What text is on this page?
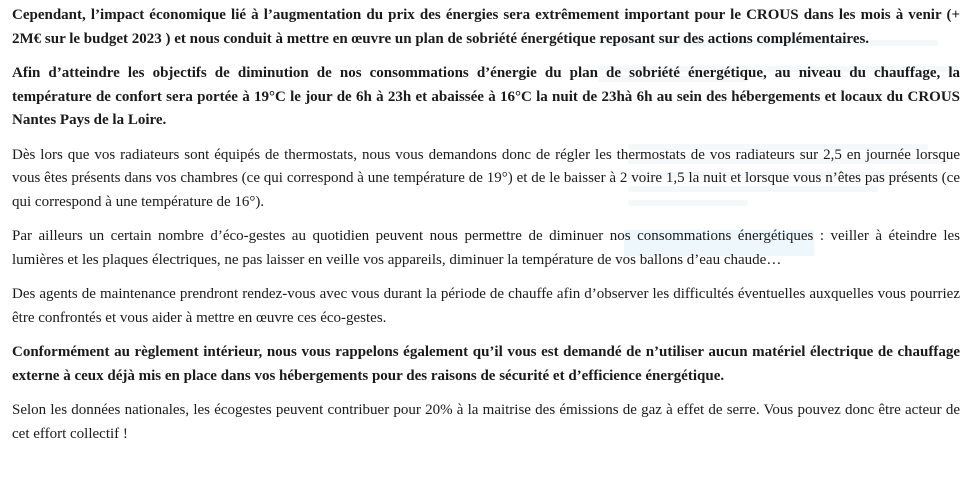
Cependant, l’impact économique lié à l’augmentation du prix des énergies sera extrêmement important pour le CROUS dans les mois à venir (+ 2M€ sur le budget 2023 ) et nous conduit à mettre en œuvre un plan de sobriété énergétique reposant sur des actions complémentaires.

Afin d’atteindre les objectifs de diminution de nos consommations d’énergie du plan de sobriété énergétique, au niveau du chauffage, la température de confort sera portée à 19°C le jour de 6h à 23h et abaissée à 16°C la nuit de 23hà 6h au sein des hébergements et locaux du CROUS Nantes Pays de la Loire.

Dès lors que vos radiateurs sont équipés de thermostats, nous vous demandons donc de régler les thermostats de vos radiateurs sur 2,5 en journée lorsque vous êtes présents dans vos chambres (ce qui correspond à une température de 19°) et de le baisser à 2 voire 1,5 la nuit et lorsque vous n’êtes pas présents (ce qui correspond à une température de 16°).

Par ailleurs un certain nombre d’éco-gestes au quotidien peuvent nous permettre de diminuer nos consommations énergétiques : veiller à éteindre les lumières et les plaques électriques, ne pas laisser en veille vos appareils, diminuer la température de vos ballons d’eau chaude…

Des agents de maintenance prendront rendez-vous avec vous durant la période de chauffe afin d’observer les difficultés éventuelles auxquelles vous pourriez être confrontés et vous aider à mettre en œuvre ces éco-gestes.

Conformément au règlement intérieur, nous vous rappelons également qu’il vous est demandé de n’utiliser aucun matériel électrique de chauffage externe à ceux déjà mis en place dans vos hébergements pour des raisons de sécurité et d’efficience énergétique.

Selon les données nationales, les écogestes peuvent contribuer pour 20% à la maitrise des émissions de gaz à effet de serre. Vous pouvez donc être acteur de cet effort collectif !
